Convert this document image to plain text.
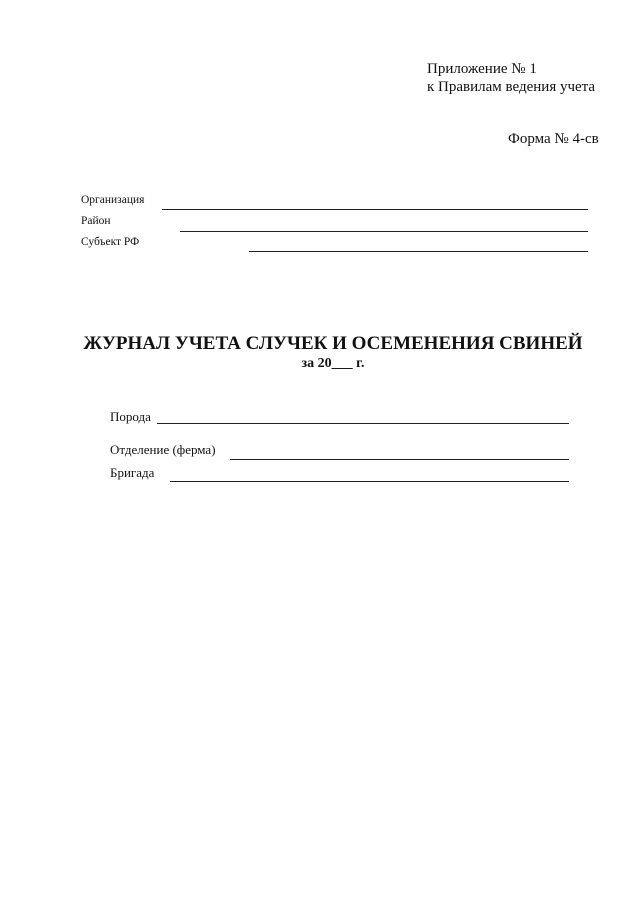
Приложение № 1
к Правилам ведения учета
Форма № 4-св
Организация
Район
Субъект РФ
ЖУРНАЛ УЧЕТА СЛУЧЕК И ОСЕМЕНЕНИЯ СВИНЕЙ
за 20___ г.
Порода
Отделение (ферма)
Бригада
